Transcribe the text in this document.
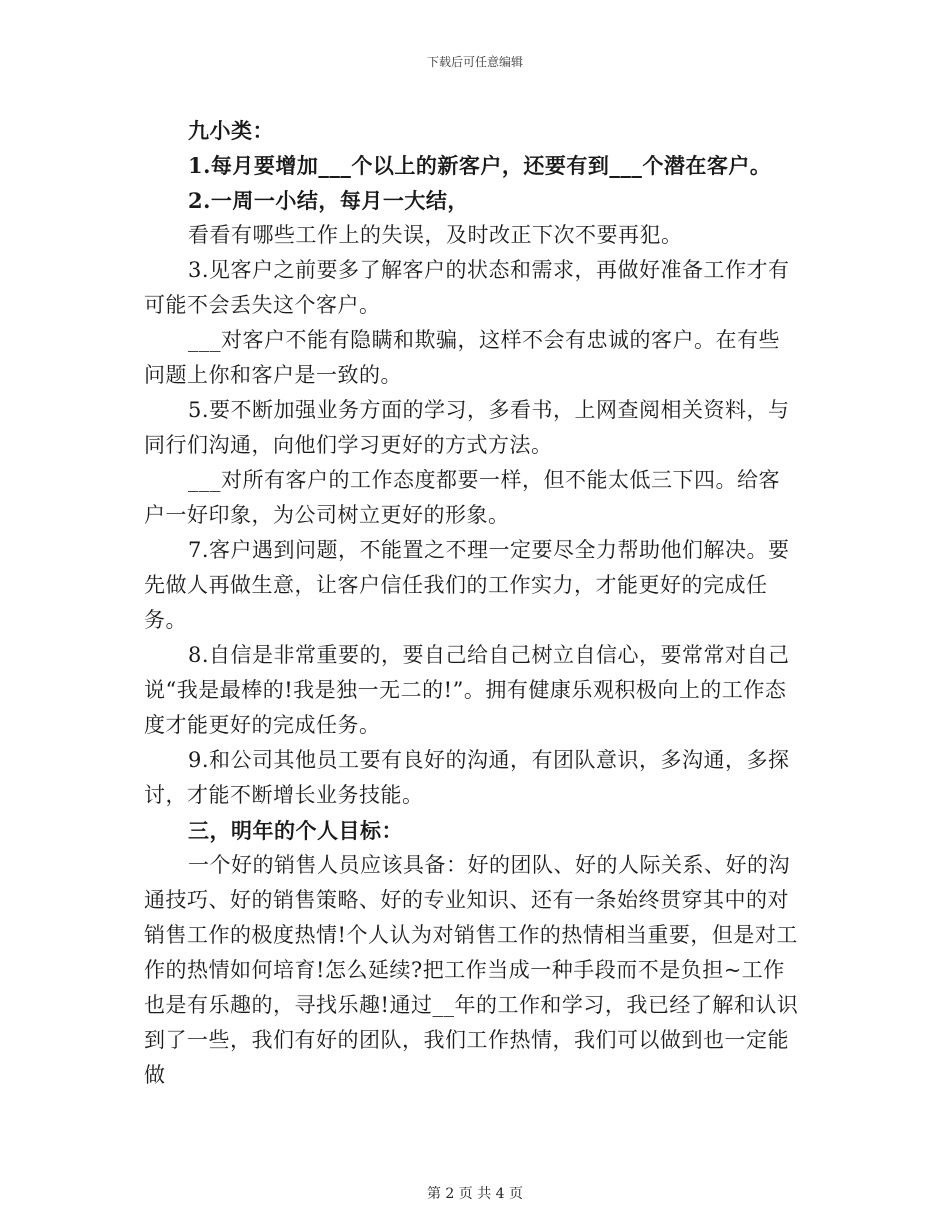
下载后可任意编辑

九小类：

1.每月要增加___个以上的新客户，还要有到___个潜在客户。

2.一周一小结，每月一大结，

看看有哪些工作上的失误，及时改正下次不要再犯。

3.见客户之前要多了解客户的状态和需求，再做好准备工作才有可能不会丢失这个客户。

___对客户不能有隐瞒和欺骗，这样不会有忠诚的客户。在有些问题上你和客户是一致的。

5.要不断加强业务方面的学习，多看书，上网查阅相关资料，与同行们沟通，向他们学习更好的方式方法。

___对所有客户的工作态度都要一样，但不能太低三下四。给客户一好印象，为公司树立更好的形象。

7.客户遇到问题，不能置之不理一定要尽全力帮助他们解决。要先做人再做生意，让客户信任我们的工作实力，才能更好的完成任务。

8.自信是非常重要的，要自己给自己树立自信心，要常常对自己说“我是最棒的!我是独一无二的!”。拥有健康乐观积极向上的工作态度才能更好的完成任务。

9.和公司其他员工要有良好的沟通，有团队意识，多沟通，多探讨，才能不断增长业务技能。

三，明年的个人目标：

一个好的销售人员应该具备：好的团队、好的人际关系、好的沟通技巧、好的销售策略、好的专业知识、还有一条始终贯穿其中的对销售工作的极度热情!个人认为对销售工作的热情相当重要，但是对工作的热情如何培育!怎么延续?把工作当成一种手段而不是负担~工作也是有乐趣的，寻找乐趣!通过__年的工作和学习，我已经了解和认识到了一些，我们有好的团队，我们工作热情，我们可以做到也一定能做

第 2 页 共 4 页
